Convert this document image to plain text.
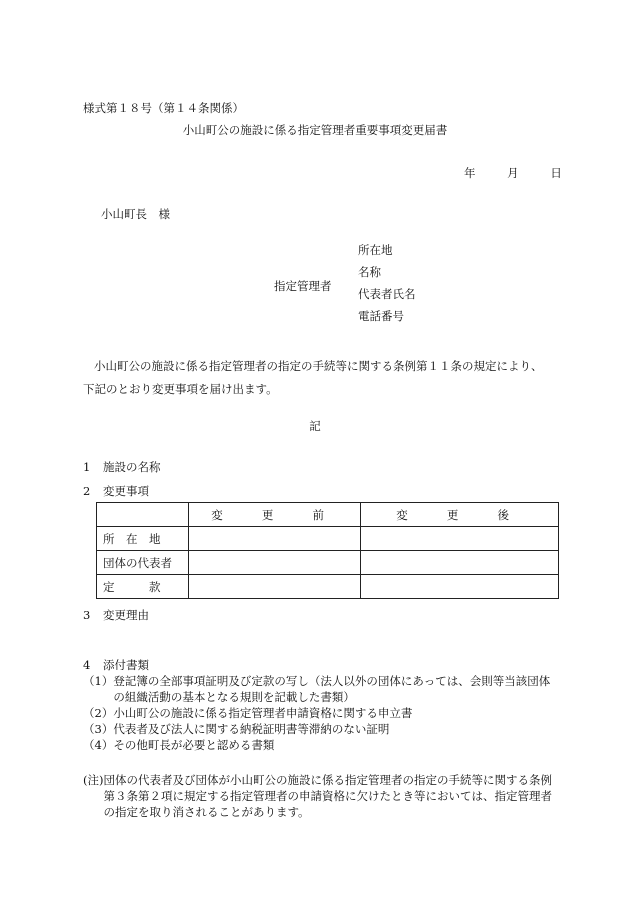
様式第１８号（第１４条関係）
小山町公の施設に係る指定管理者重要事項変更届書
年	月	日
小山町長　様
指定管理者
所在地
名称
代表者氏名
電話番号
小山町公の施設に係る指定管理者の指定の手続等に関する条例第１１条の規定により、
下記のとおり変更事項を届け出ます。
記
1 施設の名称
2 変更事項
	変　更　前	変　更　後
所　在　地		
団体の代表者		
定　　　款		
3 変更理由
4 添付書類
（1） 登記簿の全部事項証明及び定款の写し（法人以外の団体にあっては、会則等当該団体の組織活動の基本となる規則を記載した書類）
（2） 小山町公の施設に係る指定管理者申請資格に関する申立書
（3） 代表者及び法人に関する納税証明書等滞納のない証明
（4） その他町長が必要と認める書類
(注) 団体の代表者及び団体が小山町公の施設に係る指定管理者の指定の手続等に関する条例第３条第２項に規定する指定管理者の申請資格に欠けたとき等においては、指定管理者の指定を取り消されることがあります。
